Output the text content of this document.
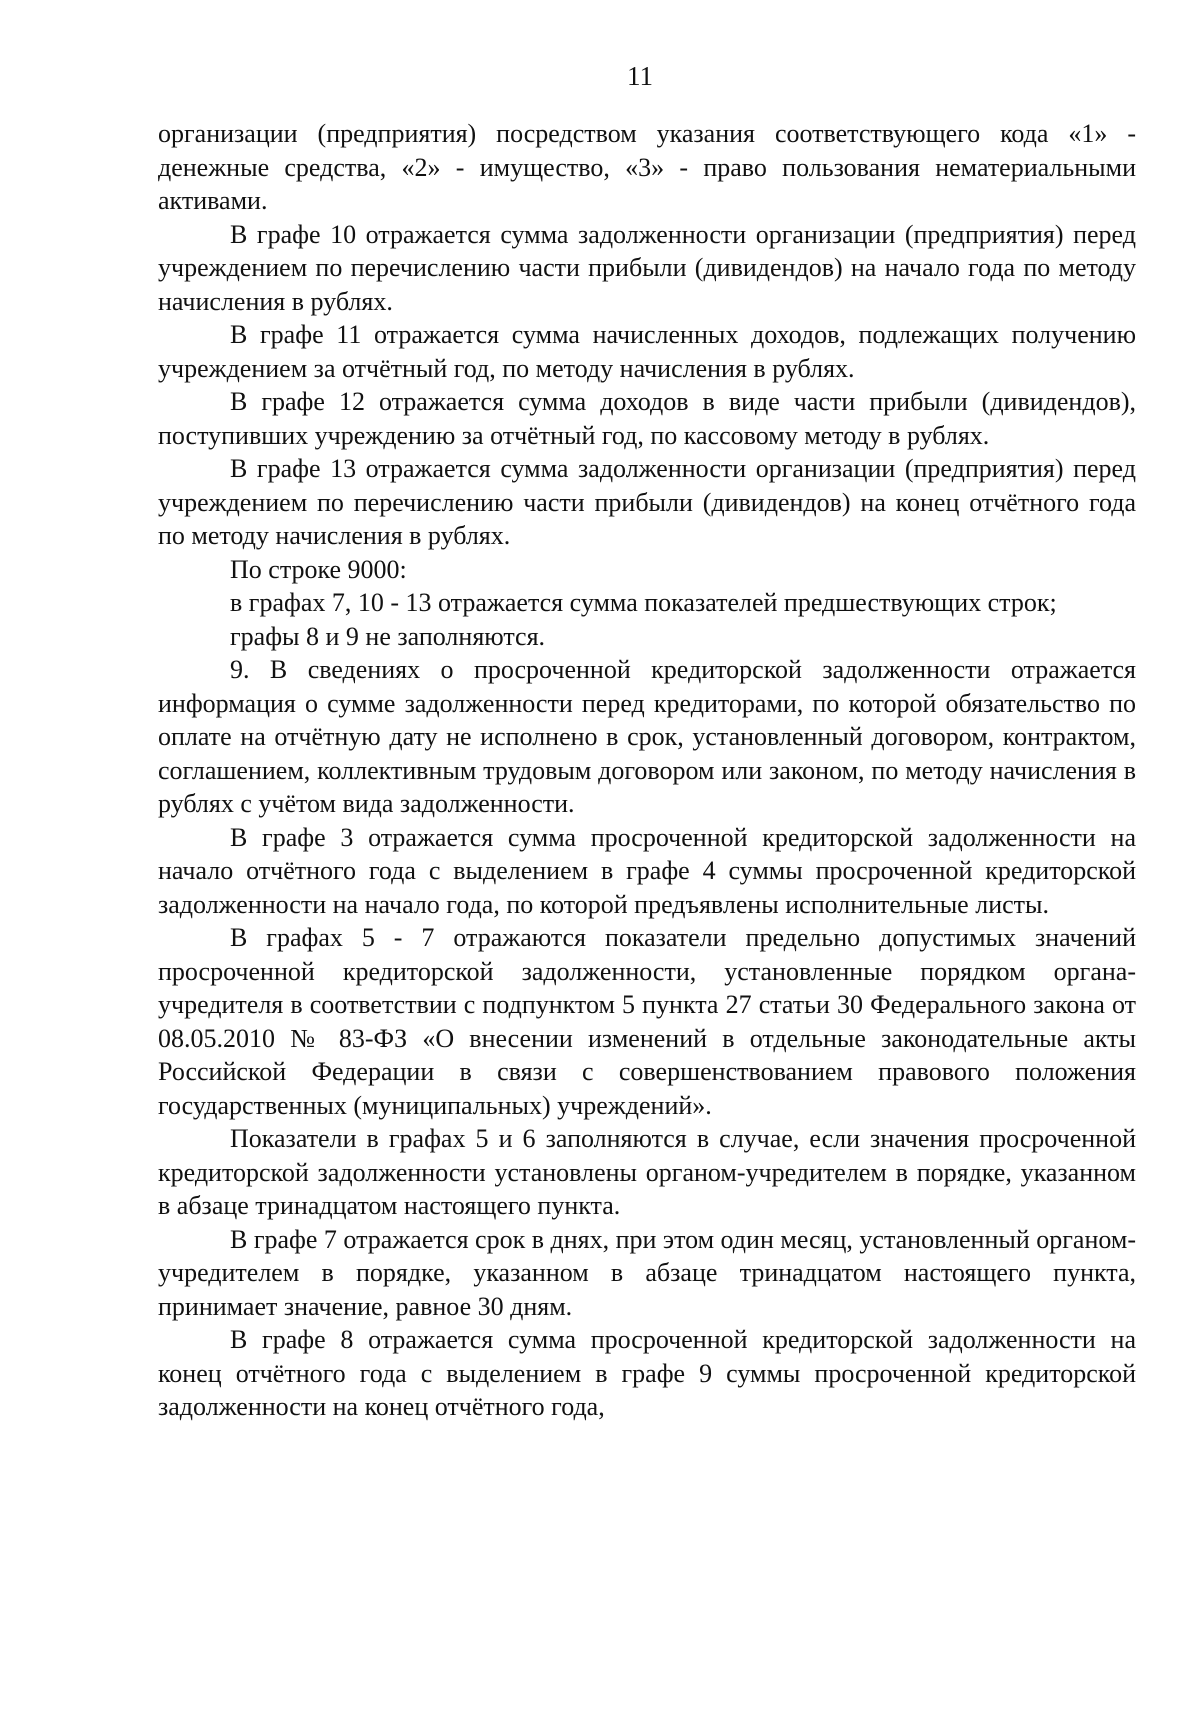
11

организации (предприятия) посредством указания соответствующего кода «1» - денежные средства, «2» - имущество, «3» - право пользования нематериальными активами.

В графе 10 отражается сумма задолженности организации (предприятия) перед учреждением по перечислению части прибыли (дивидендов) на начало года по методу начисления в рублях.

В графе 11 отражается сумма начисленных доходов, подлежащих получению учреждением за отчётный год, по методу начисления в рублях.

В графе 12 отражается сумма доходов в виде части прибыли (дивидендов), поступивших учреждению за отчётный год, по кассовому методу в рублях.

В графе 13 отражается сумма задолженности организации (предприятия) перед учреждением по перечислению части прибыли (дивидендов) на конец отчётного года по методу начисления в рублях.

По строке 9000:

в графах 7, 10 - 13 отражается сумма показателей предшествующих строк;

графы 8 и 9 не заполняются.

9. В сведениях о просроченной кредиторской задолженности отражается информация о сумме задолженности перед кредиторами, по которой обязательство по оплате на отчётную дату не исполнено в срок, установленный договором, контрактом, соглашением, коллективным трудовым договором или законом, по методу начисления в рублях с учётом вида задолженности.

В графе 3 отражается сумма просроченной кредиторской задолженности на начало отчётного года с выделением в графе 4 суммы просроченной кредиторской задолженности на начало года, по которой предъявлены исполнительные листы.

В графах 5 - 7 отражаются показатели предельно допустимых значений просроченной кредиторской задолженности, установленные порядком органа-учредителя в соответствии с подпунктом 5 пункта 27 статьи 30 Федерального закона от 08.05.2010 № 83-ФЗ «О внесении изменений в отдельные законодательные акты Российской Федерации в связи с совершенствованием правового положения государственных (муниципальных) учреждений».

Показатели в графах 5 и 6 заполняются в случае, если значения просроченной кредиторской задолженности установлены органом-учредителем в порядке, указанном в абзаце тринадцатом настоящего пункта.

В графе 7 отражается срок в днях, при этом один месяц, установленный органом-учредителем в порядке, указанном в абзаце тринадцатом настоящего пункта, принимает значение, равное 30 дням.

В графе 8 отражается сумма просроченной кредиторской задолженности на конец отчётного года с выделением в графе 9 суммы просроченной кредиторской задолженности на конец отчётного года,
